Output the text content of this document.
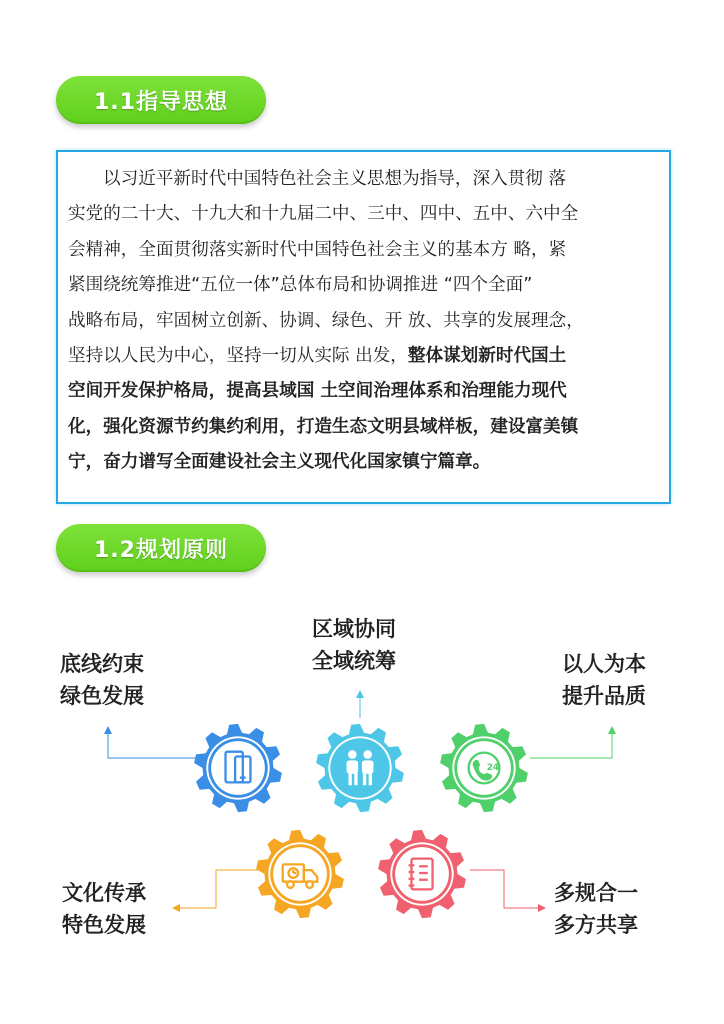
1.1指导思想
以习近平新时代中国特色社会主义思想为指导，深入贯彻 落
实党的二十大、十九大和十九届二中、三中、四中、五中、六中全
会精神，全面贯彻落实新时代中国特色社会主义的基本方 略，紧
紧围绕统筹推进“五位一体”总体布局和协调推进 “四个全面”
战略布局，牢固树立创新、协调、绿色、开 放、共享的发展理念，
坚持以人民为中心，坚持一切从实际 出发，整体谋划新时代国土
空间开发保护格局，提高县域国 土空间治理体系和治理能力现代
化，强化资源节约集约利用，打造生态文明县域样板，建设富美镇
宁，奋力谱写全面建设社会主义现代化国家镇宁篇章。
1.2规划原则
底线约束
绿色发展
区域协同
全域统筹	以人为本
提升品质
文化传承
特色发展
多规合一
多方共享
24
